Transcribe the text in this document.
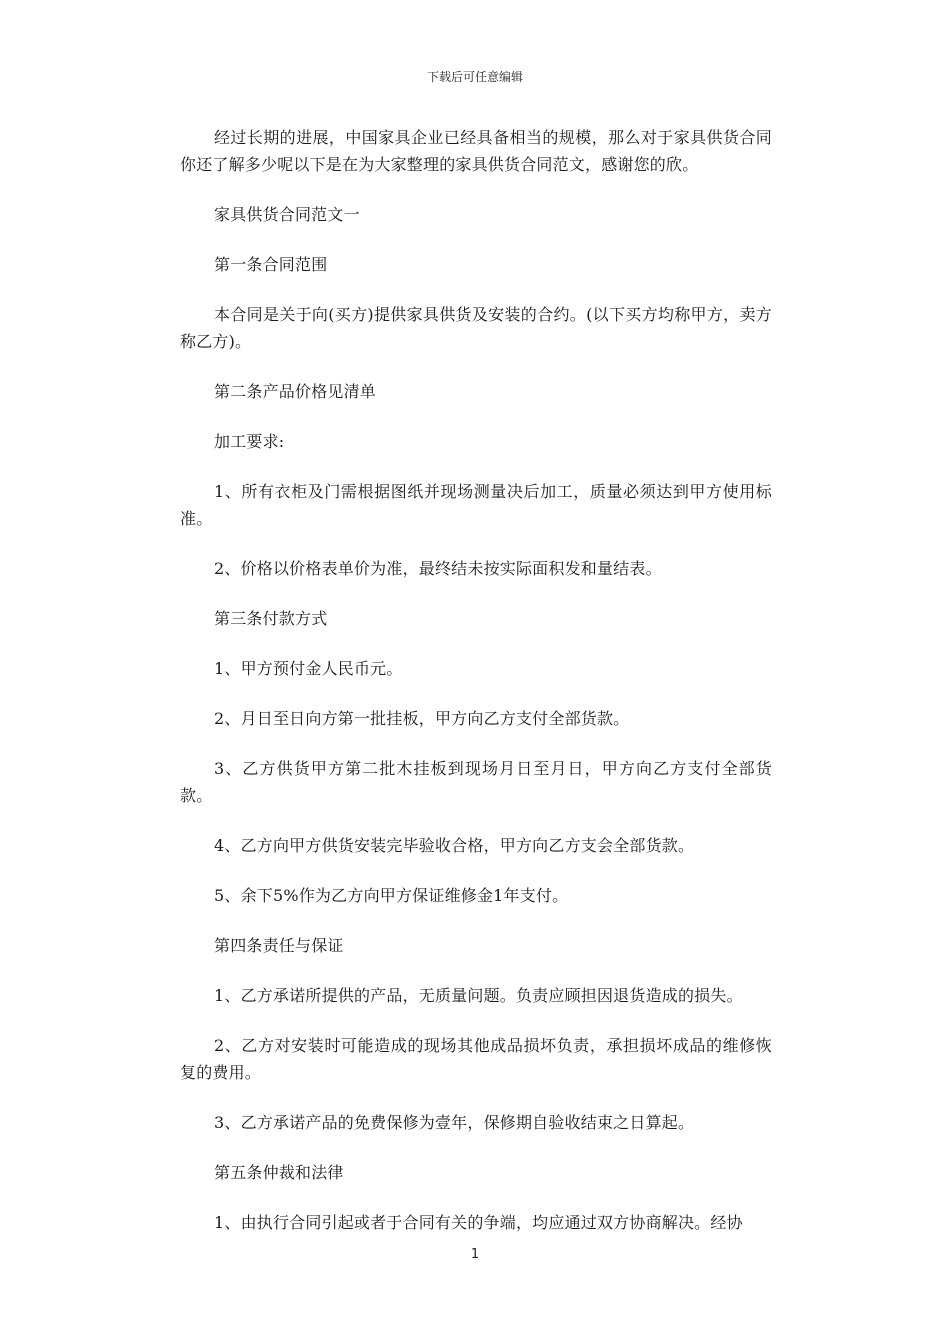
下载后可任意编辑

经过长期的进展，中国家具企业已经具备相当的规模，那么对于家具供货合同你还了解多少呢以下是在为大家整理的家具供货合同范文，感谢您的欣。

家具供货合同范文一

第一条合同范围

本合同是关于向(买方)提供家具供货及安装的合约。(以下买方均称甲方，卖方称乙方)。

第二条产品价格见清单

加工要求:

1、所有衣柜及门需根据图纸并现场测量决后加工，质量必须达到甲方使用标准。

2、价格以价格表单价为准，最终结未按实际面积发和量结表。

第三条付款方式

1、甲方预付金人民币元。

2、月日至日向方第一批挂板，甲方向乙方支付全部货款。

3、乙方供货甲方第二批木挂板到现场月日至月日，甲方向乙方支付全部货款。

4、乙方向甲方供货安装完毕验收合格，甲方向乙方支会全部货款。

5、余下5%作为乙方向甲方保证维修金1年支付。

第四条责任与保证

1、乙方承诺所提供的产品，无质量问题。负责应顾担因退货造成的损失。

2、乙方对安装时可能造成的现场其他成品损坏负责，承担损坏成品的维修恢复的费用。

3、乙方承诺产品的免费保修为壹年，保修期自验收结束之日算起。

第五条仲裁和法律

1、由执行合同引起或者于合同有关的争端，均应通过双方协商解决。经协

1
